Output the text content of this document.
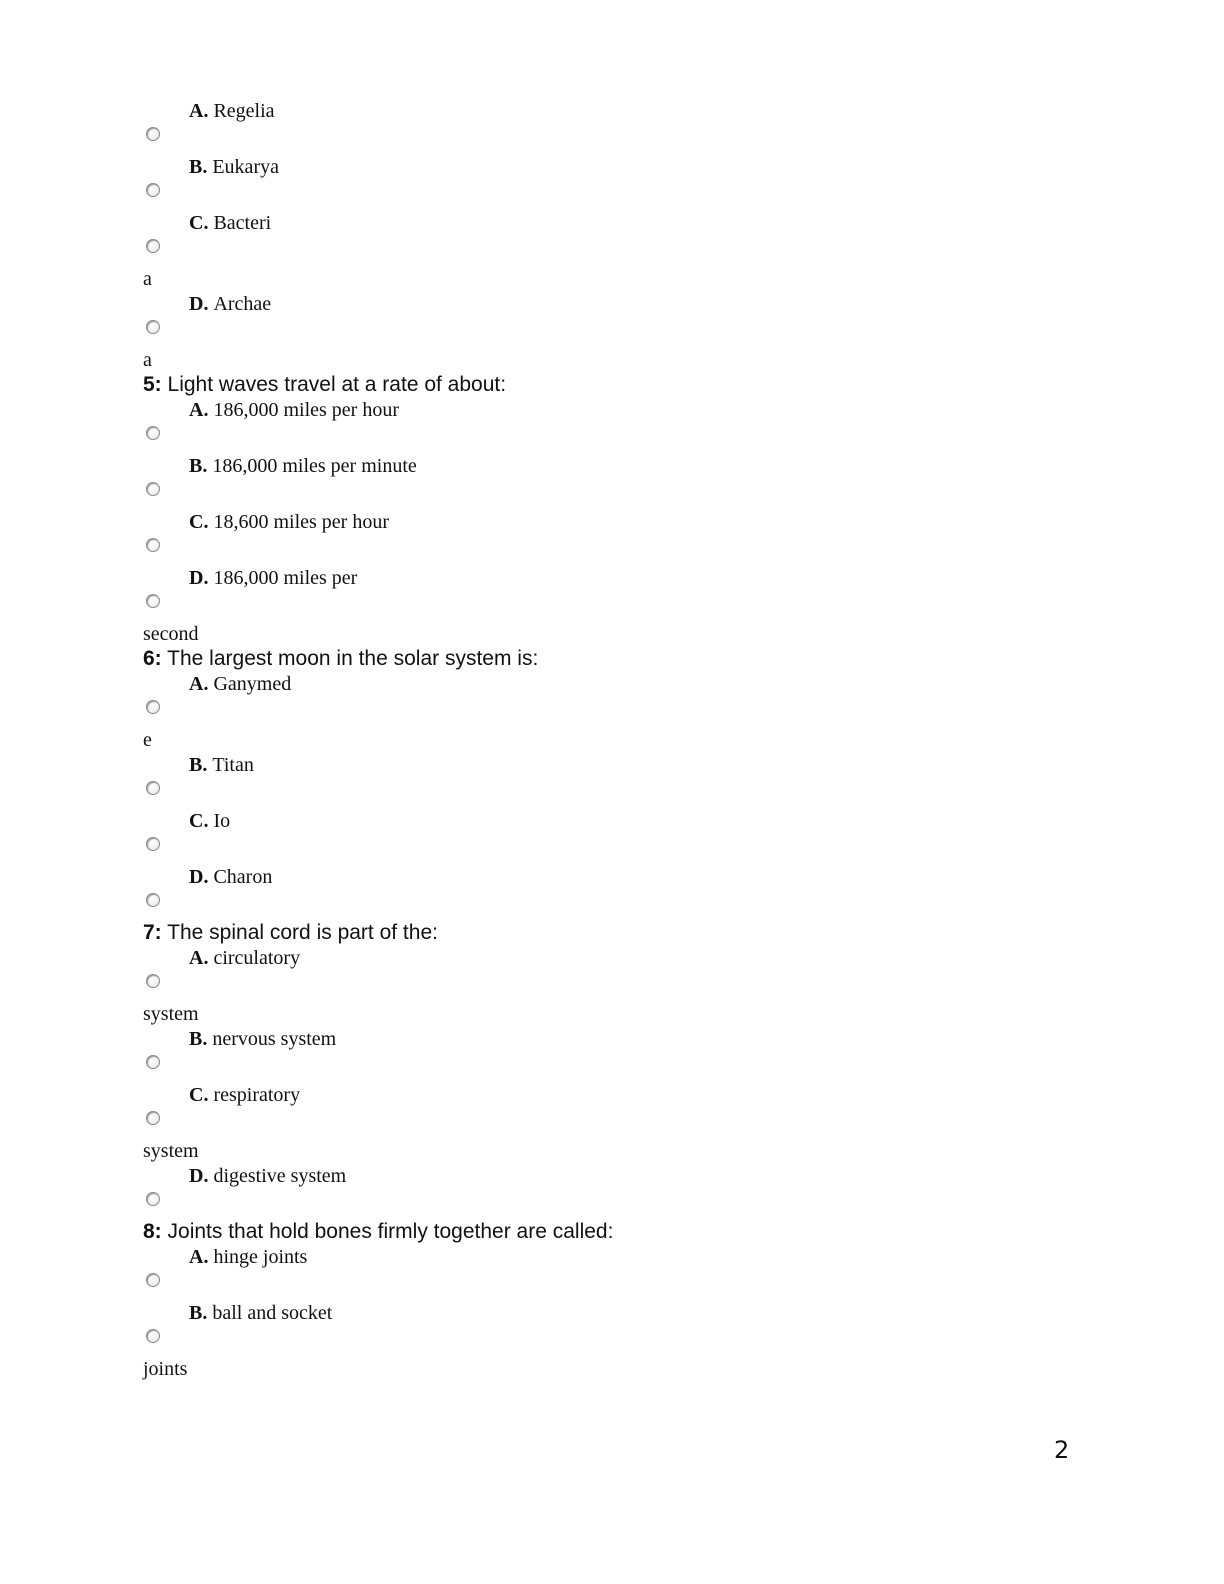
A. Regelia
B. Eukarya
C. Bacteri
a
D. Archae
a
5: Light waves travel at a rate of about:
A. 186,000 miles per hour
B. 186,000 miles per minute
C. 18,600 miles per hour
D. 186,000 miles per
second
6: The largest moon in the solar system is:
A. Ganymed
e
B. Titan
C. Io
D. Charon
7: The spinal cord is part of the:
A. circulatory
system
B. nervous system
C. respiratory
system
D. digestive system
8: Joints that hold bones firmly together are called:
A. hinge joints
B. ball and socket
joints
2
